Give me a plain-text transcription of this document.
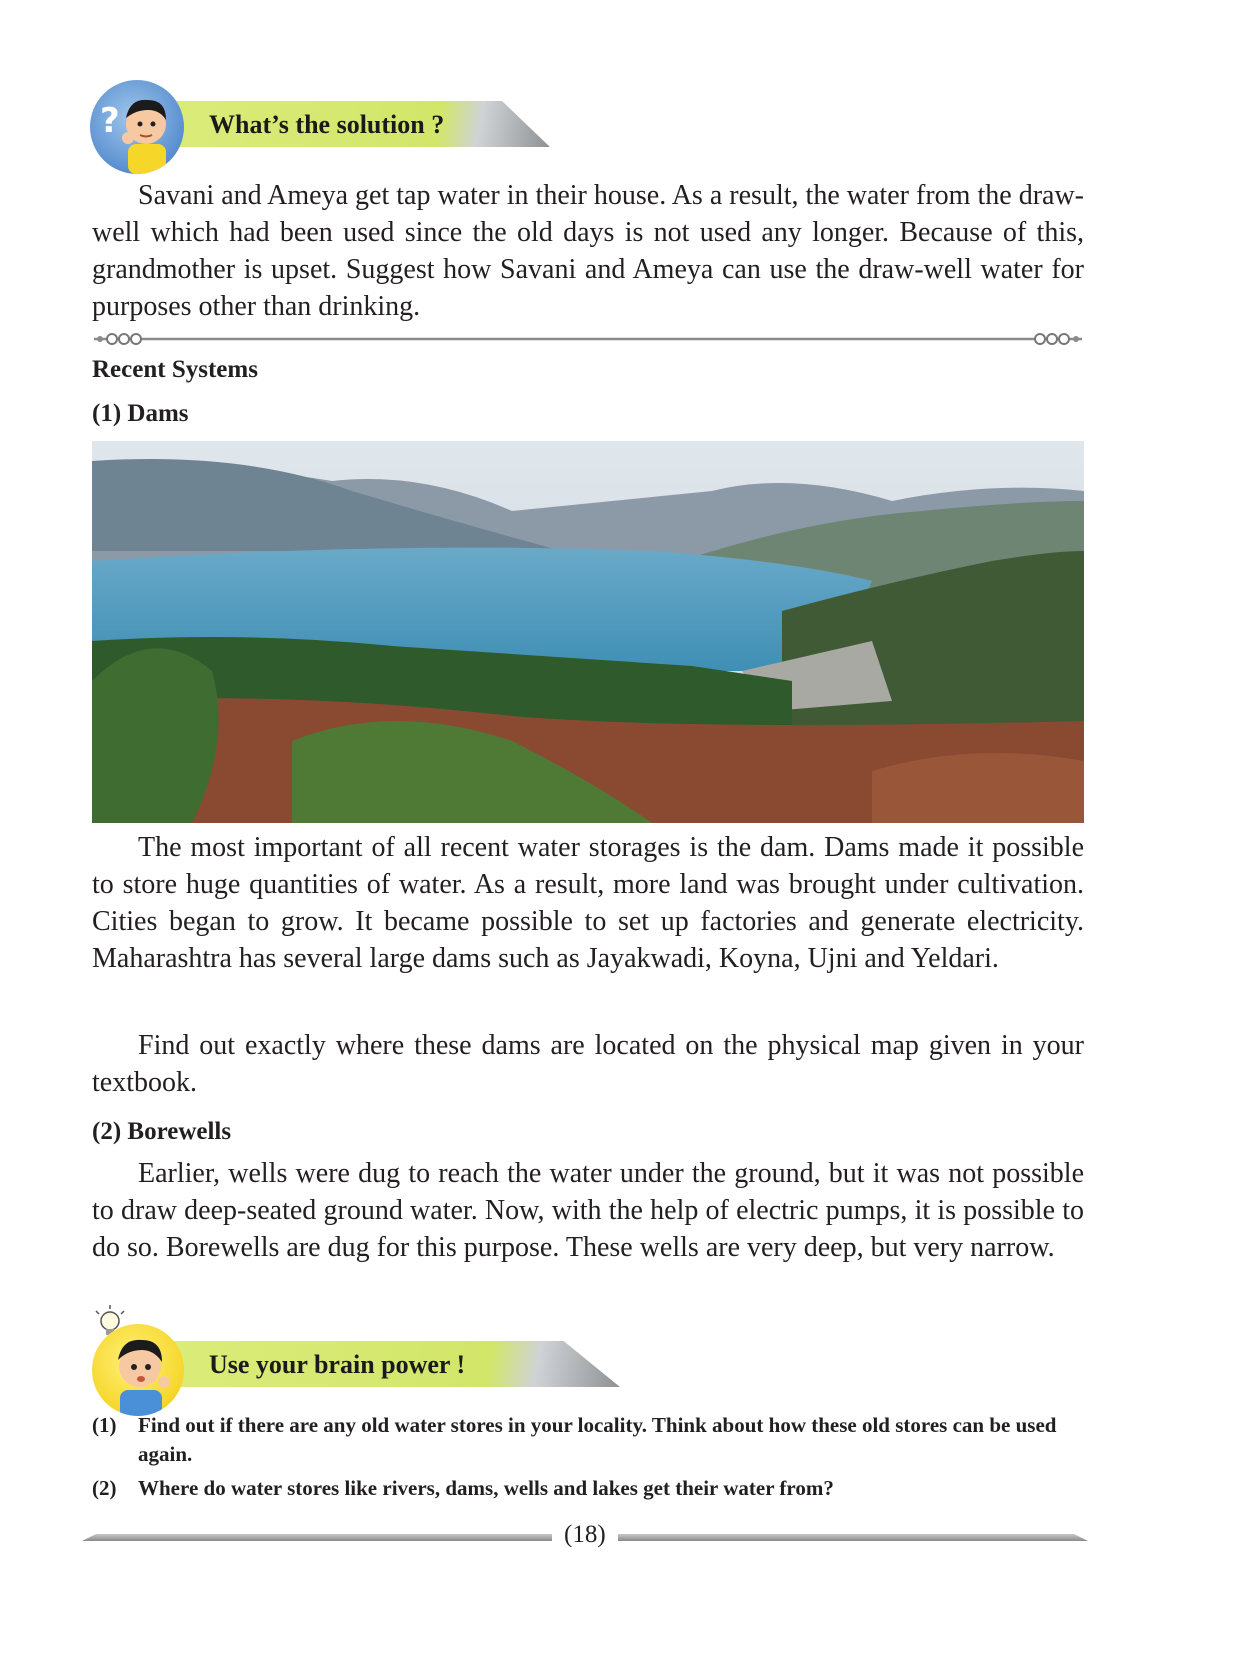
?	What’s the solution ?

Savani and Ameya get tap water in their house. As a result, the water from the draw-well which had been used since the old days is not used any longer. Because of this, grandmother is upset. Suggest how Savani and Ameya can use the draw-well water for purposes other than drinking.

Recent Systems
(1) Dams

The most important of all recent water storages is the dam. Dams made it possible to store huge quantities of water. As a result, more land was brought under cultivation. Cities began to grow. It became possible to set up factories and generate electricity. Maharashtra has several large dams such as Jayakwadi, Koyna, Ujni and Yeldari.

Find out exactly where these dams are located on the physical map given in your textbook.

(2) Borewells

Earlier, wells were dug to reach the water under the ground, but it was not possible to draw deep-seated ground water. Now, with the help of electric pumps, it is possible to do so. Borewells are dug for this purpose. These wells are very deep, but very narrow.

Use your brain power !
(1) Find out if there are any old water stores in your locality. Think about how these old stores can be used again.
(2) Where do water stores like rivers, dams, wells and lakes get their water from?
(18)
